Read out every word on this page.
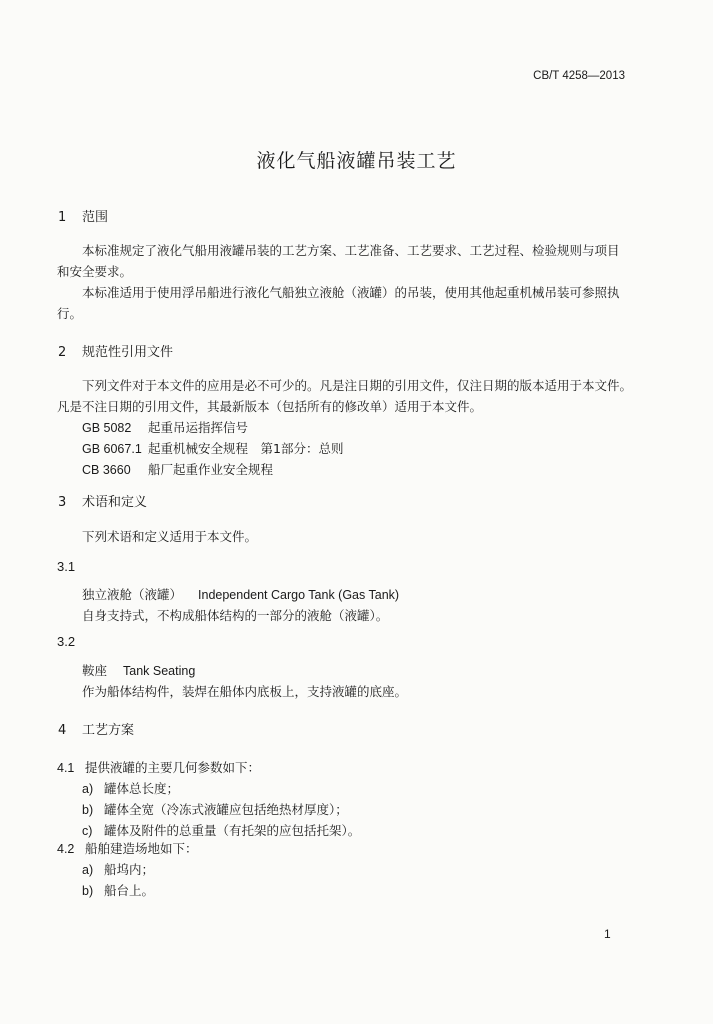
CB/T 4258—2013
液化气船液罐吊装工艺
1 范围
本标准规定了液化气船用液罐吊装的工艺方案、工艺准备、工艺要求、工艺过程、检验规则与项目
和安全要求。
本标准适用于使用浮吊船进行液化气船独立液舱（液罐）的吊装，使用其他起重机械吊装可参照执
行。
2 规范性引用文件
下列文件对于本文件的应用是必不可少的。凡是注日期的引用文件，仅注日期的版本适用于本文件。
凡是不注日期的引用文件，其最新版本（包括所有的修改单）适用于本文件。
GB 5082 起重吊运指挥信号
GB 6067.1 起重机械安全规程　第1部分：总则
CB 3660 船厂起重作业安全规程
3 术语和定义
下列术语和定义适用于本文件。
3.1
独立液舱（液罐） Independent Cargo Tank (Gas Tank)
自身支持式，不构成船体结构的一部分的液舱（液罐）。
3.2
鞍座 Tank Seating
作为船体结构件，装焊在船体内底板上，支持液罐的底座。
4 工艺方案
4.1 提供液罐的主要几何参数如下：
a) 罐体总长度；
b) 罐体全宽（冷冻式液罐应包括绝热材厚度）；
c) 罐体及附件的总重量（有托架的应包括托架）。
4.2 船舶建造场地如下：
a) 船坞内；
b) 船台上。
1
